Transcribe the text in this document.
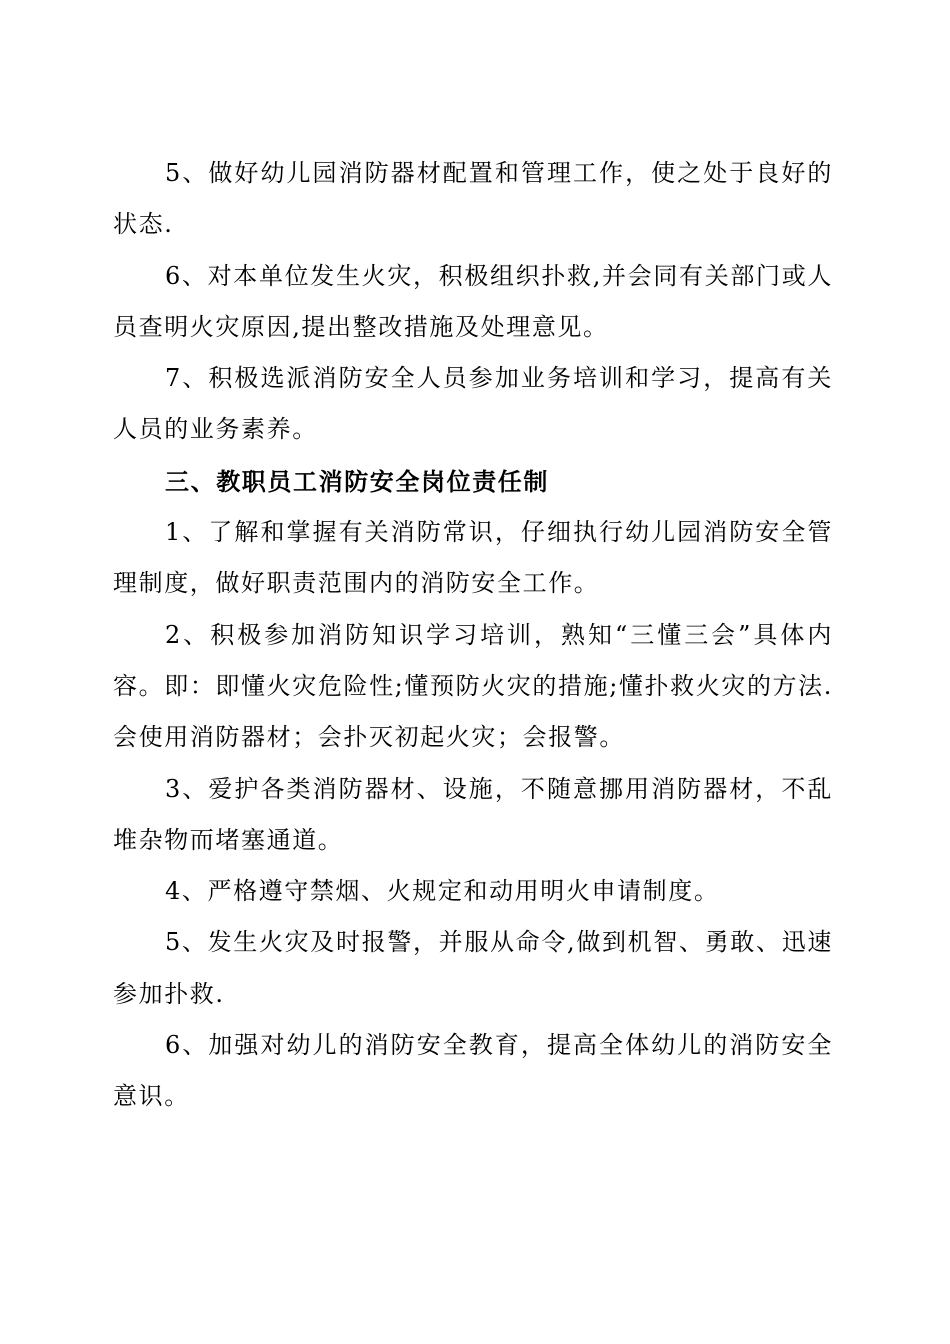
5、做好幼儿园消防器材配置和管理工作，使之处于良好的状态.

6、对本单位发生火灾，积极组织扑救,并会同有关部门或人员查明火灾原因,提出整改措施及处理意见。

7、积极选派消防安全人员参加业务培训和学习，提高有关人员的业务素养。

三、教职员工消防安全岗位责任制

1、了解和掌握有关消防常识，仔细执行幼儿园消防安全管理制度，做好职责范围内的消防安全工作。

2、积极参加消防知识学习培训，熟知“三懂三会”具体内容。即：即懂火灾危险性;懂预防火灾的措施;懂扑救火灾的方法.会使用消防器材；会扑灭初起火灾；会报警。

3、爱护各类消防器材、设施，不随意挪用消防器材，不乱堆杂物而堵塞通道。

4、严格遵守禁烟、火规定和动用明火申请制度。

5、发生火灾及时报警，并服从命令,做到机智、勇敢、迅速参加扑救.

6、加强对幼儿的消防安全教育，提高全体幼儿的消防安全意识。
